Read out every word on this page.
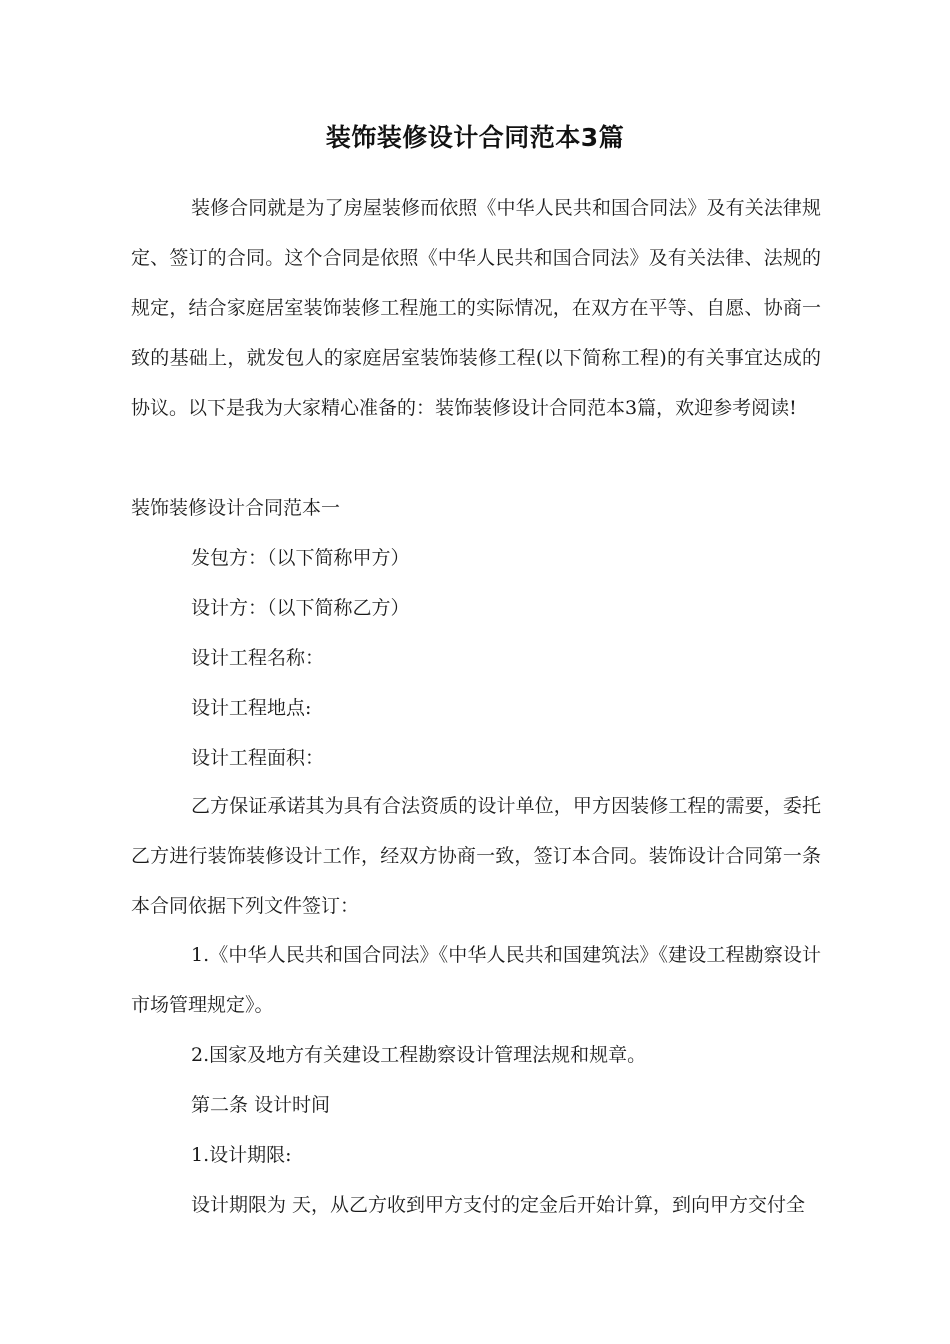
装饰装修设计合同范本3篇

装修合同就是为了房屋装修而依照《中华人民共和国合同法》及有关法律规定、签订的合同。这个合同是依照《中华人民共和国合同法》及有关法律、法规的规定，结合家庭居室装饰装修工程施工的实际情况，在双方在平等、自愿、协商一致的基础上，就发包人的家庭居室装饰装修工程(以下简称工程)的有关事宜达成的协议。以下是我为大家精心准备的：装饰装修设计合同范本3篇，欢迎参考阅读!

装饰装修设计合同范本一

发包方：（以下简称甲方）

设计方：（以下简称乙方）

设计工程名称：

设计工程地点:

设计工程面积：

乙方保证承诺其为具有合法资质的设计单位，甲方因装修工程的需要，委托乙方进行装饰装修设计工作，经双方协商一致，签订本合同。装饰设计合同第一条 本合同依据下列文件签订：

1.《中华人民共和国合同法》《中华人民共和国建筑法》《建设工程勘察设计市场管理规定》。

2.国家及地方有关建设工程勘察设计管理法规和规章。

第二条 设计时间

1.设计期限:

设计期限为 天，从乙方收到甲方支付的定金后开始计算，到向甲方交付全
